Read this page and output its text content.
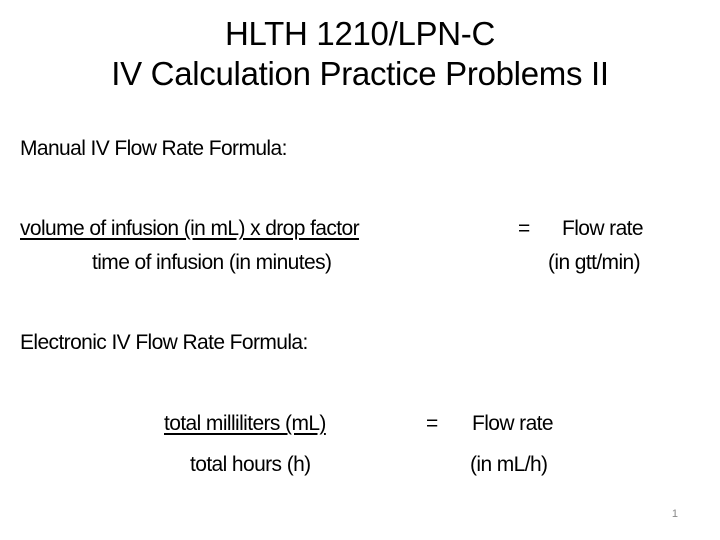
HLTH 1210/LPN-C
IV Calculation Practice Problems II
Manual IV Flow Rate Formula:
volume of infusion (in mL) x drop factor	= Flow rate
time of infusion (in minutes)	(in gtt/min)
Electronic IV Flow Rate Formula:
total milliliters (mL)	= Flow rate
total hours (h)	(in mL/h)
1
